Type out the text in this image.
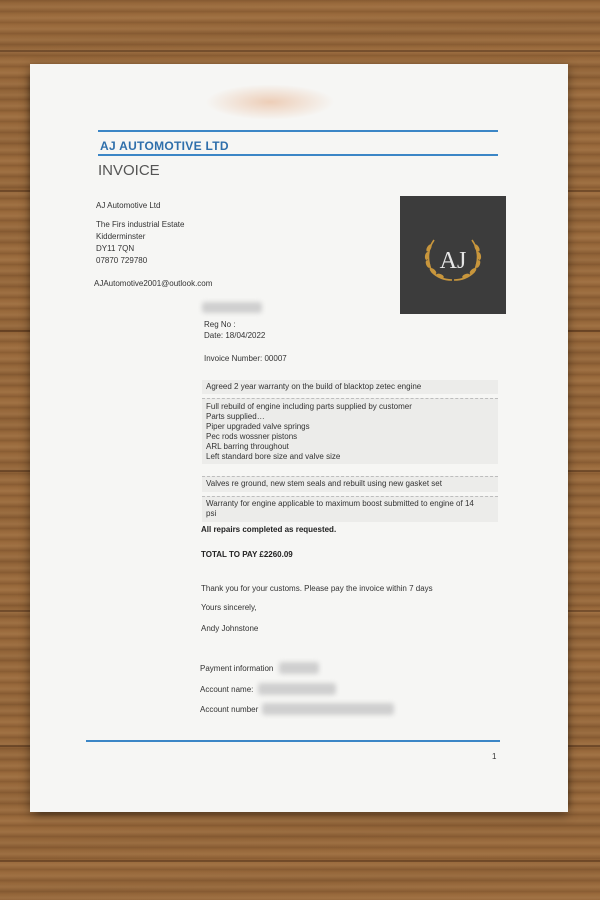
AJ AUTOMOTIVE LTD
INVOICE
AJ Automotive Ltd
The Firs industrial Estate
Kidderminster
DY11 7QN
07870 729780
AJAutomotive2001@outlook.com
AJ
Reg No :
Date: 18/04/2022
Invoice Number: 00007
Agreed 2 year warranty on the build of blacktop zetec engine
Full rebuild of engine including parts supplied by customer
Parts supplied…
Piper upgraded valve springs
Pec rods wossner pistons
ARL barring throughout
Left standard bore size and valve size
Valves re ground, new stem seals and rebuilt using new gasket set
Warranty for engine applicable to maximum boost submitted to engine of 14
psi
All repairs completed as requested.
TOTAL TO PAY £2260.09
Thank you for your customs. Please pay the invoice within 7 days
Yours sincerely,
Andy Johnstone
Payment information
Account name:
Account number
1
